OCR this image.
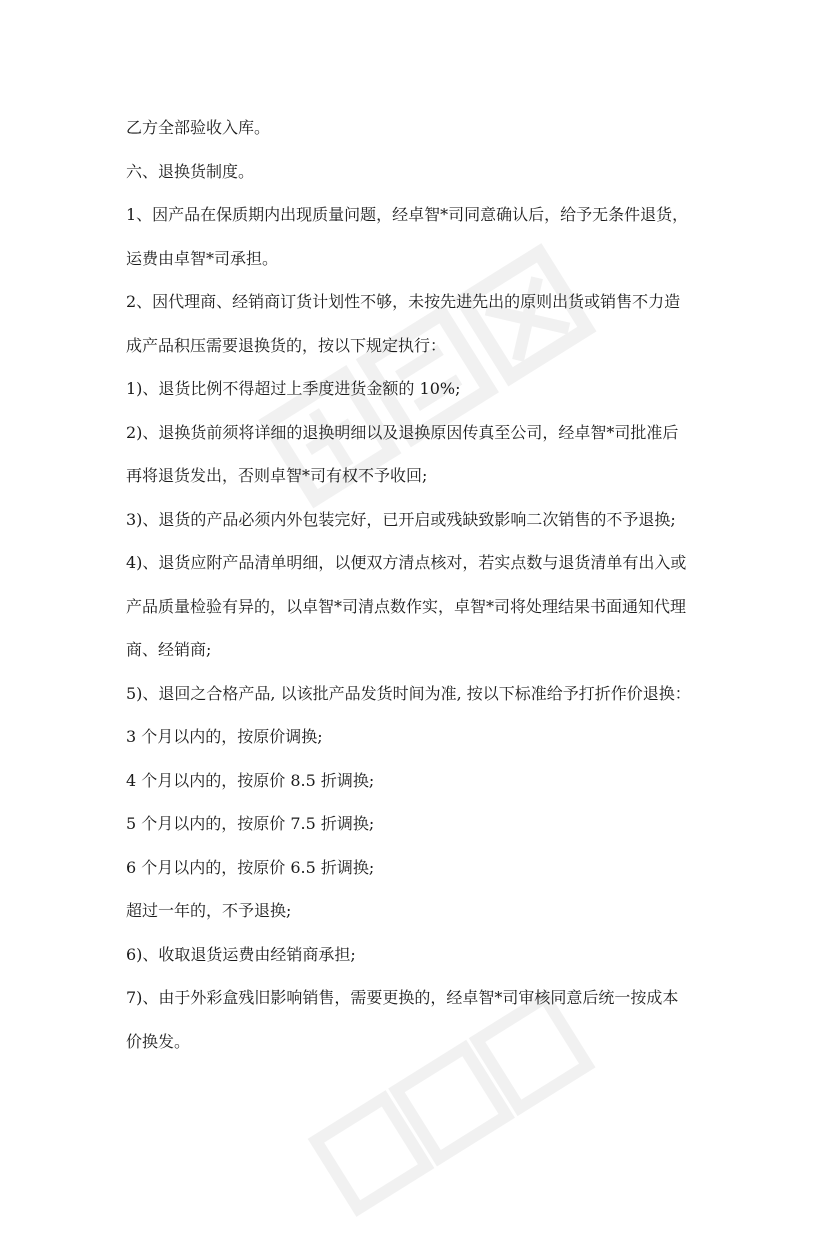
乙方全部验收入库。

六、退换货制度。

1、因产品在保质期内出现质量问题，经卓智*司同意确认后，给予无条件退货，

运费由卓智*司承担。

2、因代理商、经销商订货计划性不够，未按先进先出的原则出货或销售不力造

成产品积压需要退换货的，按以下规定执行：

1)、退货比例不得超过上季度进货金额的 10%;

2)、退换货前须将详细的退换明细以及退换原因传真至公司，经卓智*司批准后

再将退货发出，否则卓智*司有权不予收回;

3)、退货的产品必须内外包装完好，已开启或残缺致影响二次销售的不予退换;

4)、退货应附产品清单明细，以便双方清点核对，若实点数与退货清单有出入或

产品质量检验有异的，以卓智*司清点数作实，卓智*司将处理结果书面通知代理

商、经销商;

5)、退回之合格产品, 以该批产品发货时间为准, 按以下标准给予打折作价退换：

3 个月以内的，按原价调换;

4 个月以内的，按原价 8.5 折调换;

5 个月以内的，按原价 7.5 折调换;

6 个月以内的，按原价 6.5 折调换;

超过一年的，不予退换;

6)、收取退货运费由经销商承担;

7)、由于外彩盒残旧影响销售，需要更换的，经卓智*司审核同意后统一按成本

价换发。
